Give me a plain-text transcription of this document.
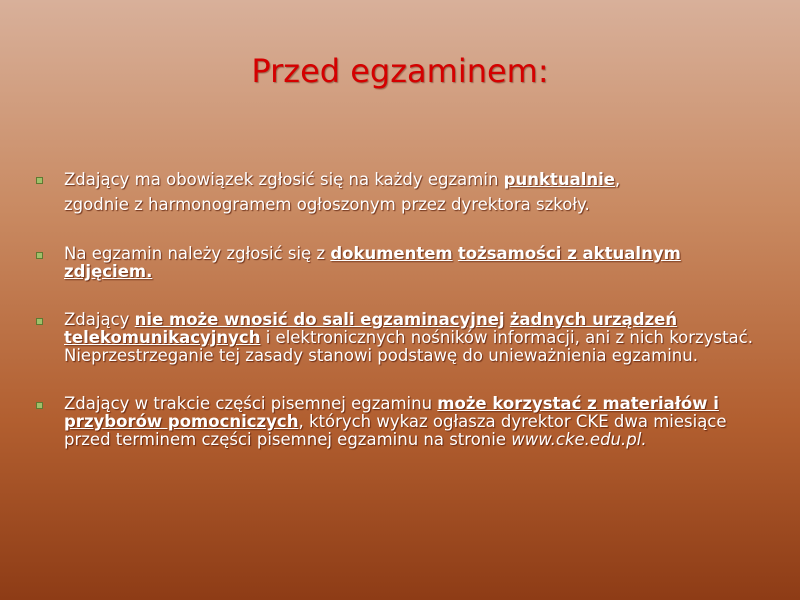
Przed egzaminem:
Zdający ma obowiązek zgłosić się na każdy egzamin punktualnie,
zgodnie z harmonogramem ogłoszonym przez dyrektora szkoły.
Na egzamin należy zgłosić się z dokumentem tożsamości z aktualnym zdjęciem.
Zdający nie może wnosić do sali egzaminacyjnej żadnych urządzeń telekomunikacyjnych i elektronicznych nośników informacji, ani z nich korzystać. Nieprzestrzeganie tej zasady stanowi podstawę do unieważnienia egzaminu.
Zdający w trakcie części pisemnej egzaminu może korzystać z materiałów i przyborów pomocniczych, których wykaz ogłasza dyrektor CKE dwa miesiące przed terminem części pisemnej egzaminu na stronie www.cke.edu.pl.
